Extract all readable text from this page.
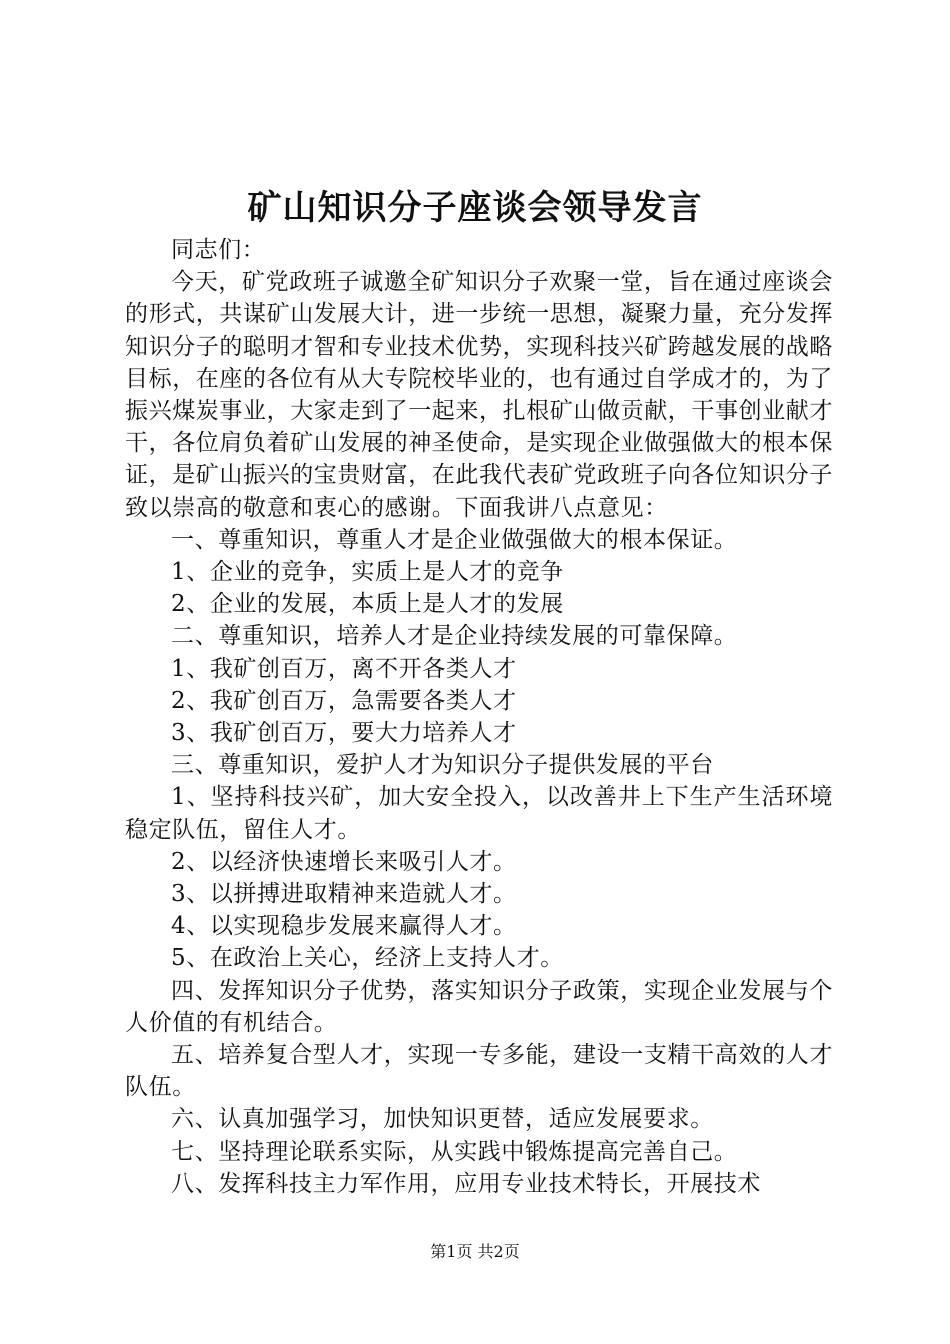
矿山知识分子座谈会领导发言

同志们：

今天，矿党政班子诚邀全矿知识分子欢聚一堂，旨在通过座谈会的形式，共谋矿山发展大计，进一步统一思想，凝聚力量，充分发挥知识分子的聪明才智和专业技术优势，实现科技兴矿跨越发展的战略目标，在座的各位有从大专院校毕业的，也有通过自学成才的，为了振兴煤炭事业，大家走到了一起来，扎根矿山做贡献，干事创业献才干，各位肩负着矿山发展的神圣使命，是实现企业做强做大的根本保证，是矿山振兴的宝贵财富，在此我代表矿党政班子向各位知识分子致以崇高的敬意和衷心的感谢。下面我讲八点意见：

一、尊重知识，尊重人才是企业做强做大的根本保证。

1、企业的竞争，实质上是人才的竞争

2、企业的发展，本质上是人才的发展

二、尊重知识，培养人才是企业持续发展的可靠保障。

1、我矿创百万，离不开各类人才

2、我矿创百万，急需要各类人才

3、我矿创百万，要大力培养人才

三、尊重知识，爱护人才为知识分子提供发展的平台

1、坚持科技兴矿，加大安全投入，以改善井上下生产生活环境稳定队伍，留住人才。

2、以经济快速增长来吸引人才。

3、以拼搏进取精神来造就人才。

4、以实现稳步发展来赢得人才。

5、在政治上关心，经济上支持人才。

四、发挥知识分子优势，落实知识分子政策，实现企业发展与个人价值的有机结合。

五、培养复合型人才，实现一专多能，建设一支精干高效的人才队伍。

六、认真加强学习，加快知识更替，适应发展要求。

七、坚持理论联系实际，从实践中锻炼提高完善自己。

八、发挥科技主力军作用，应用专业技术特长，开展技术

第1页 共2页
